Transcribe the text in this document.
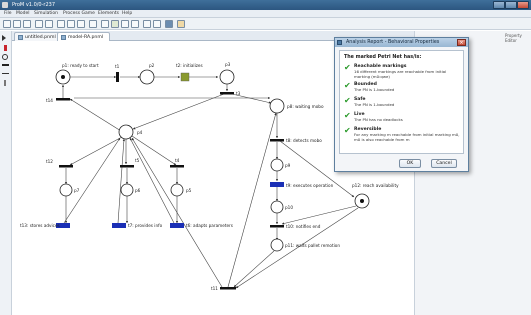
ProM v1.0/0-r237
File Model Simulation Process Game Elements Help
untitled.pnml	model-RA.pnml
p1: ready to start	p2	p3
p4
p5
p6
p7
p8: waiting mobo
p9
p10
p11: waits pallet remotion
p12: reach availability
t1	t2: initializes
t3
t4
t5
t6: adapts parameters
t7: provides info
t8: detects mobo
t9: executes operation
t10: notifies end
t11
t12
t13: stores advices
t14
Property Editor
Analysis Report - Behavioral Properties	×
The marked Petri Net has/is:
✔ Reachable markings
16 different markings are reachable from initial marking (m0:qwe)
✔ Bounded
The PN is 1-bounded
✔ Safe
The PN is 1-bounded
✔ Live
The PN has no deadlocks
✔ Reversible
For any marking m reachable from initial marking m0, m0 is also reachable from m
OK	Cancel
